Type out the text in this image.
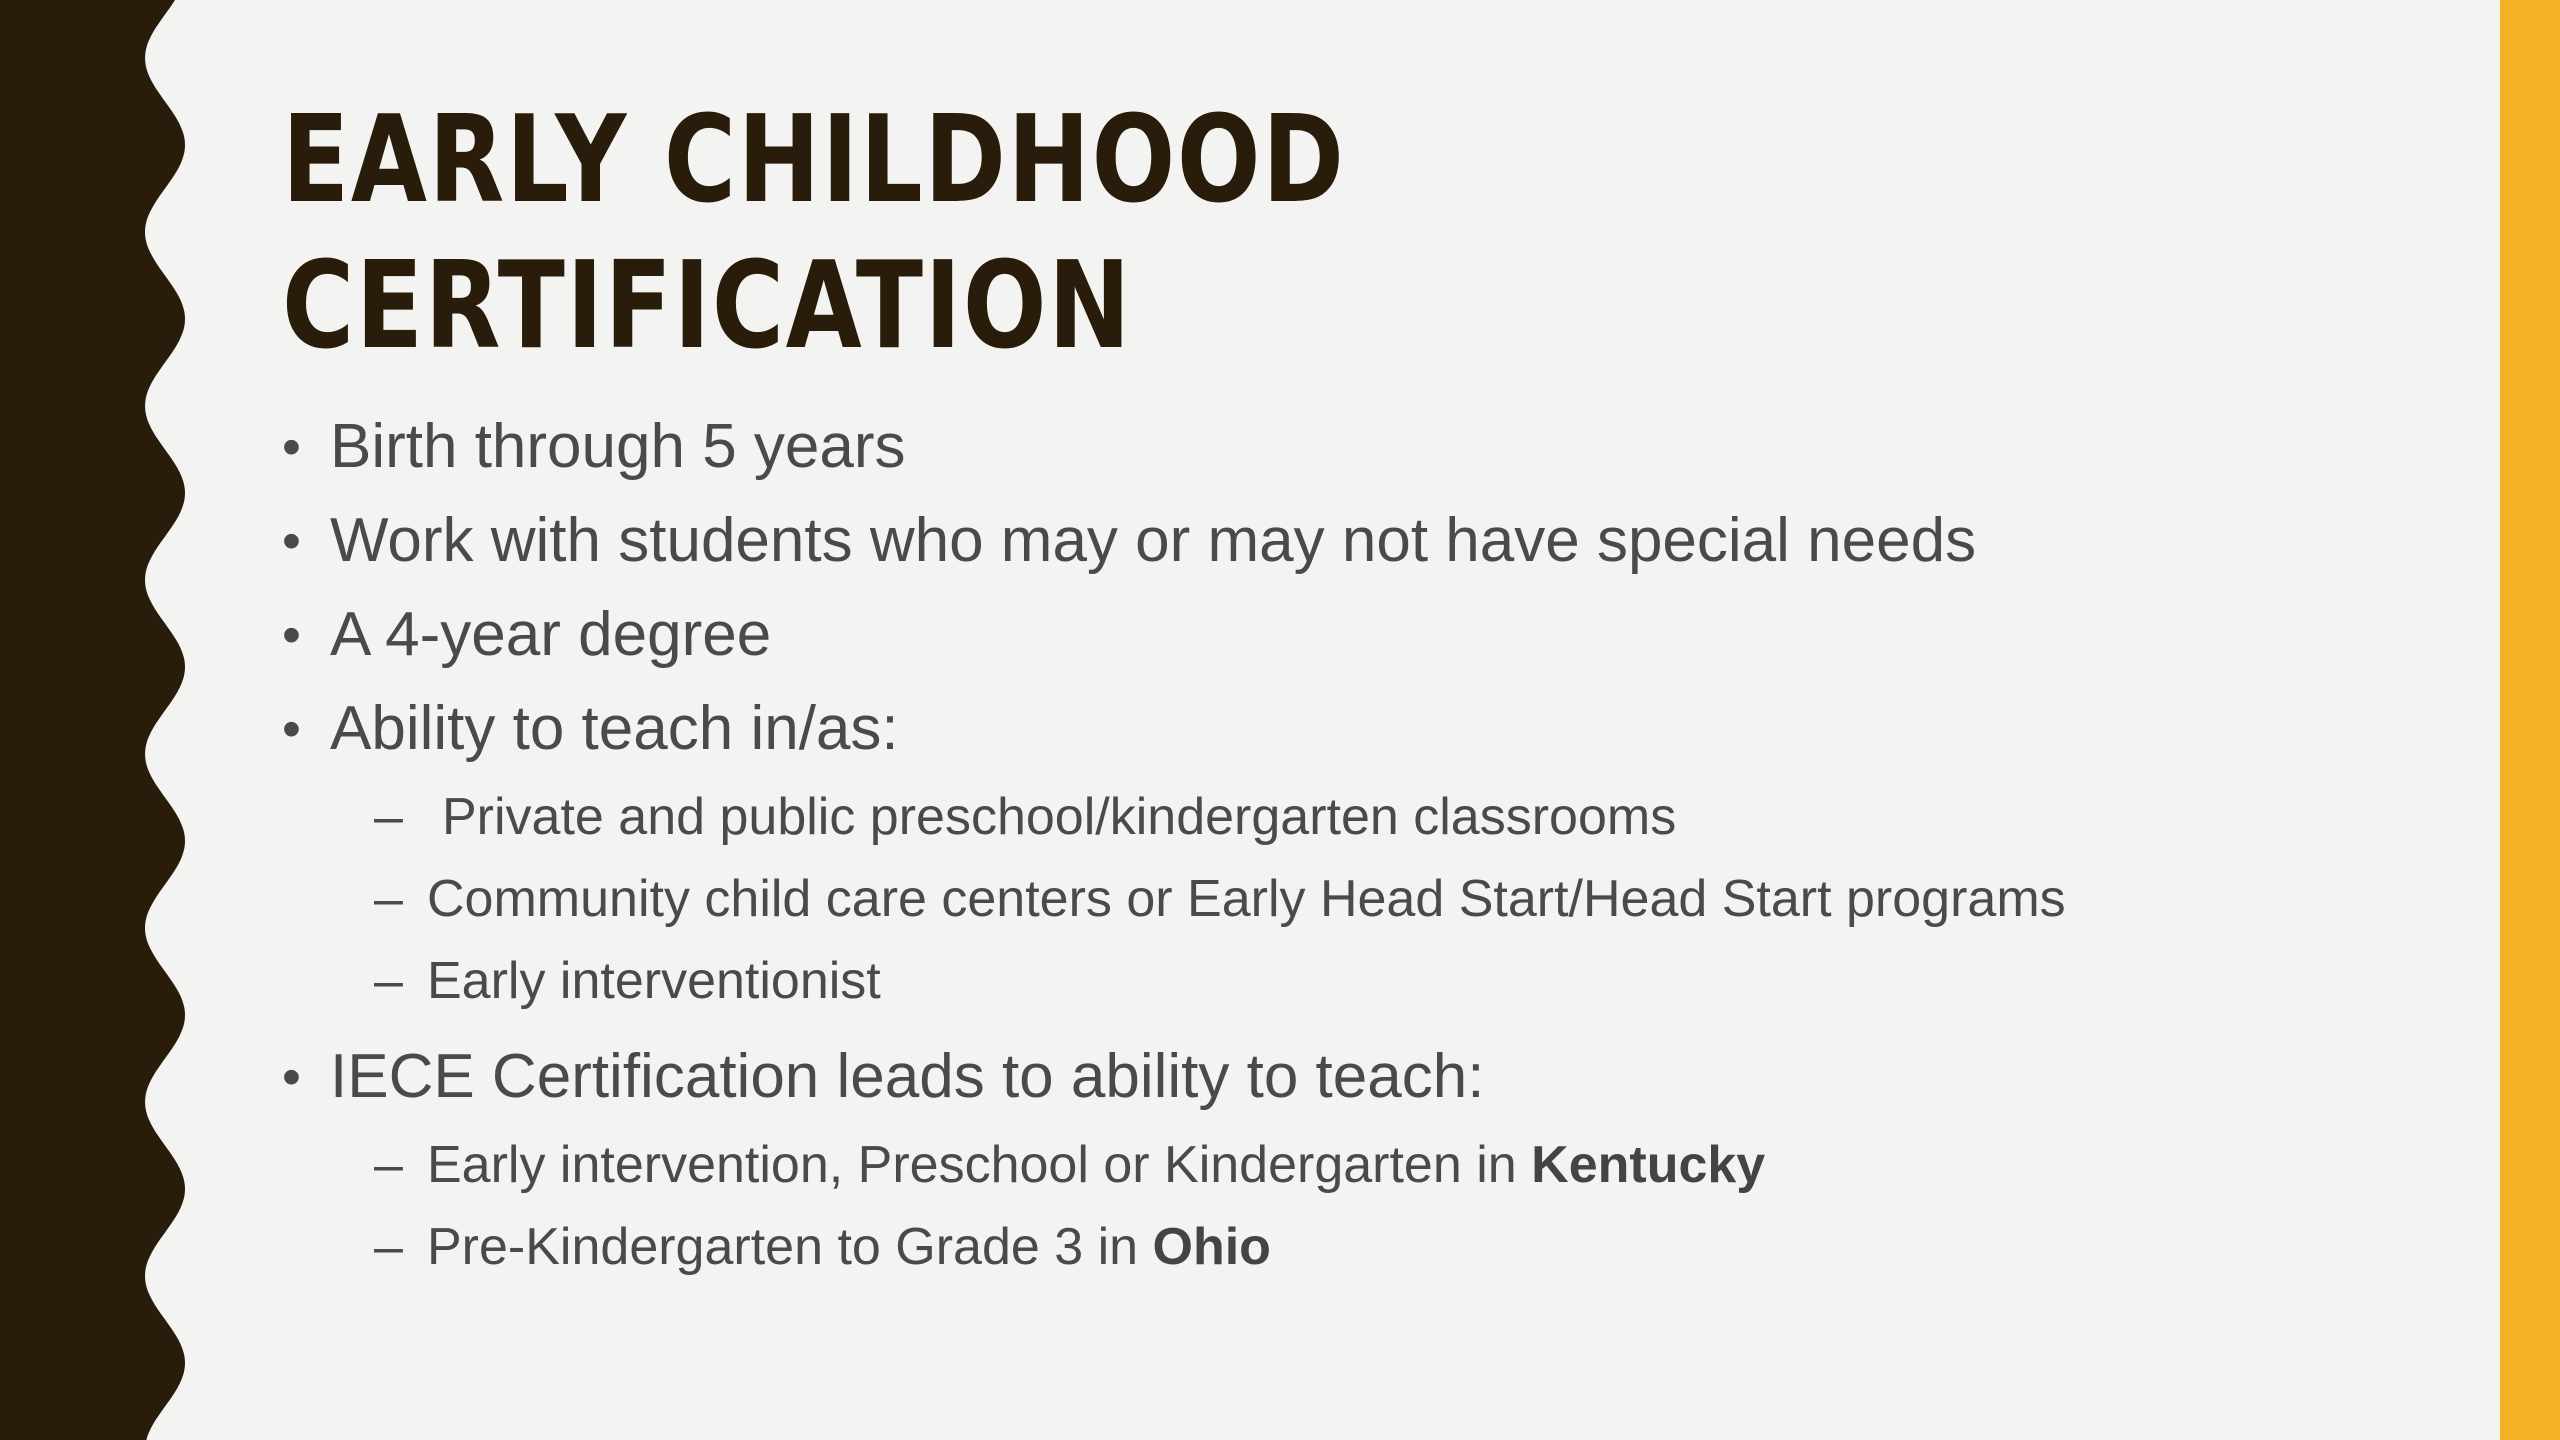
EARLY CHILDHOOD
CERTIFICATION
• Birth through 5 years
• Work with students who may or may not have special needs
• A 4-year degree
• Ability to teach in/as:
– Private and public preschool/kindergarten classrooms
– Community child care centers or Early Head Start/Head Start programs
– Early interventionist
• IECE Certification leads to ability to teach:
– Early intervention, Preschool or Kindergarten in Kentucky
– Pre-Kindergarten to Grade 3 in Ohio
